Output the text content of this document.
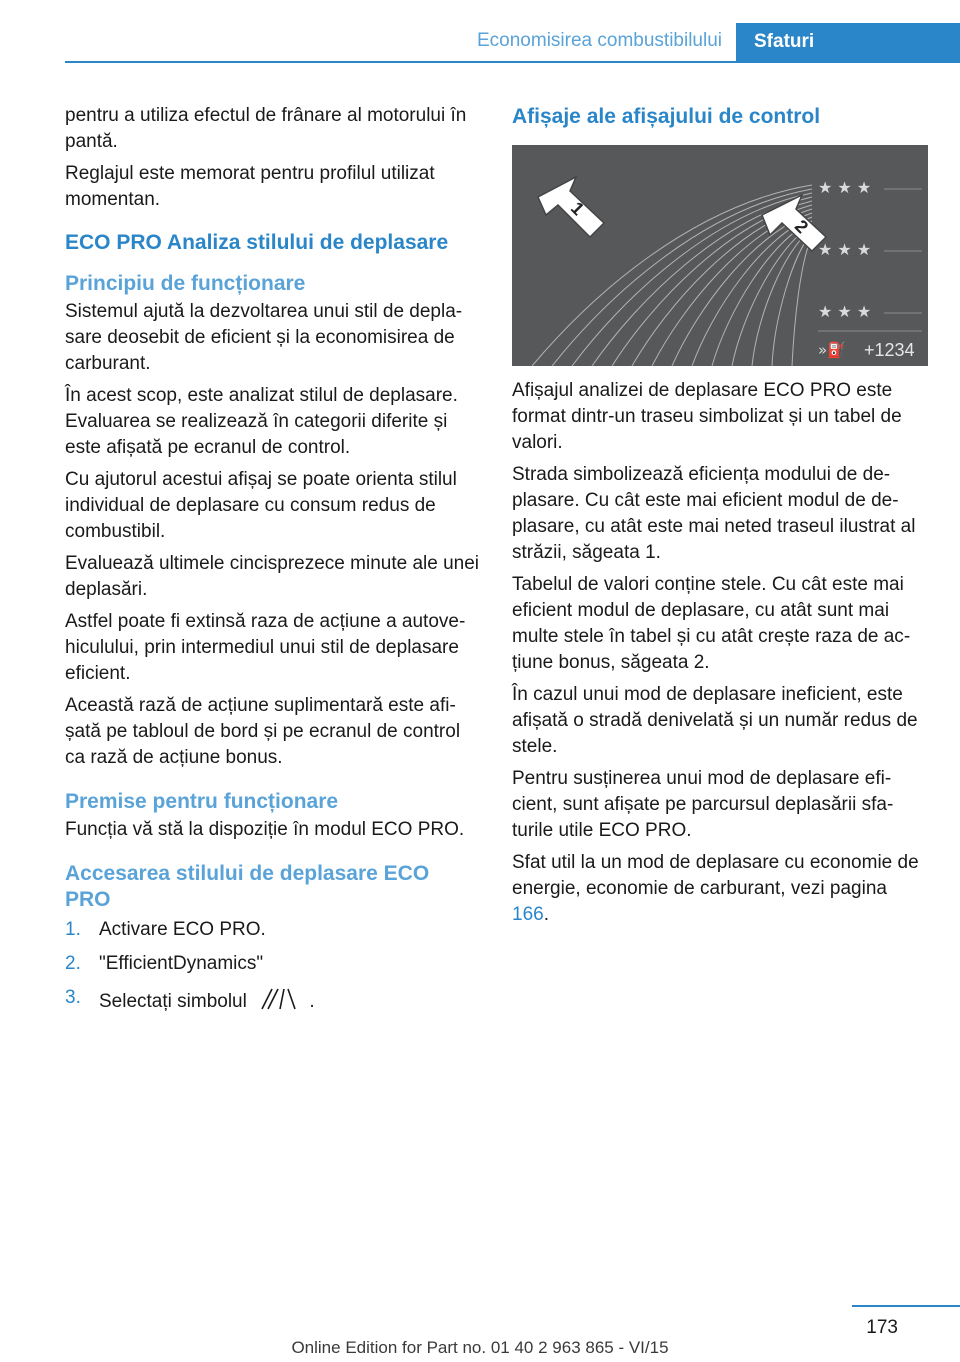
Economisirea combustibilului	Sfaturi

pentru a utiliza efectul de frânare al motorului în pantă.

Reglajul este memorat pentru profilul utilizat momentan.

ECO PRO Analiza stilului de deplasare
Principiu de funcționare

Sistemul ajută la dezvoltarea unui stil de deplasare deosebit de eficient și la economisirea de carburant.

În acest scop, este analizat stilul de deplasare. Evaluarea se realizează în categorii diferite și este afișată pe ecranul de control.

Cu ajutorul acestui afișaj se poate orienta stilul individual de deplasare cu consum redus de combustibil.

Evaluează ultimele cincisprezece minute ale unei deplasări.

Astfel poate fi extinsă raza de acțiune a autovehiculului, prin intermediul unui stil de deplasare eficient.

Această rază de acțiune suplimentară este afișată pe tabloul de bord și pe ecranul de control ca rază de acțiune bonus.

Premise pentru funcționare

Funcția vă stă la dispoziție în modul ECO PRO.

Accesarea stilului de deplasare ECO PRO
1. Activare ECO PRO.
2. "EfficientDynamics"
3. Selectați simbolul	.
Afișaje ale afișajului de control
1
2
★ ★ ★
★ ★ ★
★ ★ ★
»⛽ +1234

Afișajul analizei de deplasare ECO PRO este format dintr-un traseu simbolizat și un tabel de valori.

Strada simbolizează eficiența modului de deplasare. Cu cât este mai eficient modul de deplasare, cu atât este mai neted traseul ilustrat al străzii, săgeata 1.

Tabelul de valori conține stele. Cu cât este mai eficient modul de deplasare, cu atât sunt mai multe stele în tabel și cu atât crește raza de acțiune bonus, săgeata 2.

În cazul unui mod de deplasare ineficient, este afișată o stradă denivelată și un număr redus de stele.

Pentru susținerea unui mod de deplasare eficient, sunt afișate pe parcursul deplasării sfaturile utile ECO PRO.

Sfat util la un mod de deplasare cu economie de energie, economie de carburant, vezi pagina 166.

173
Online Edition for Part no. 01 40 2 963 865 - VI/15
